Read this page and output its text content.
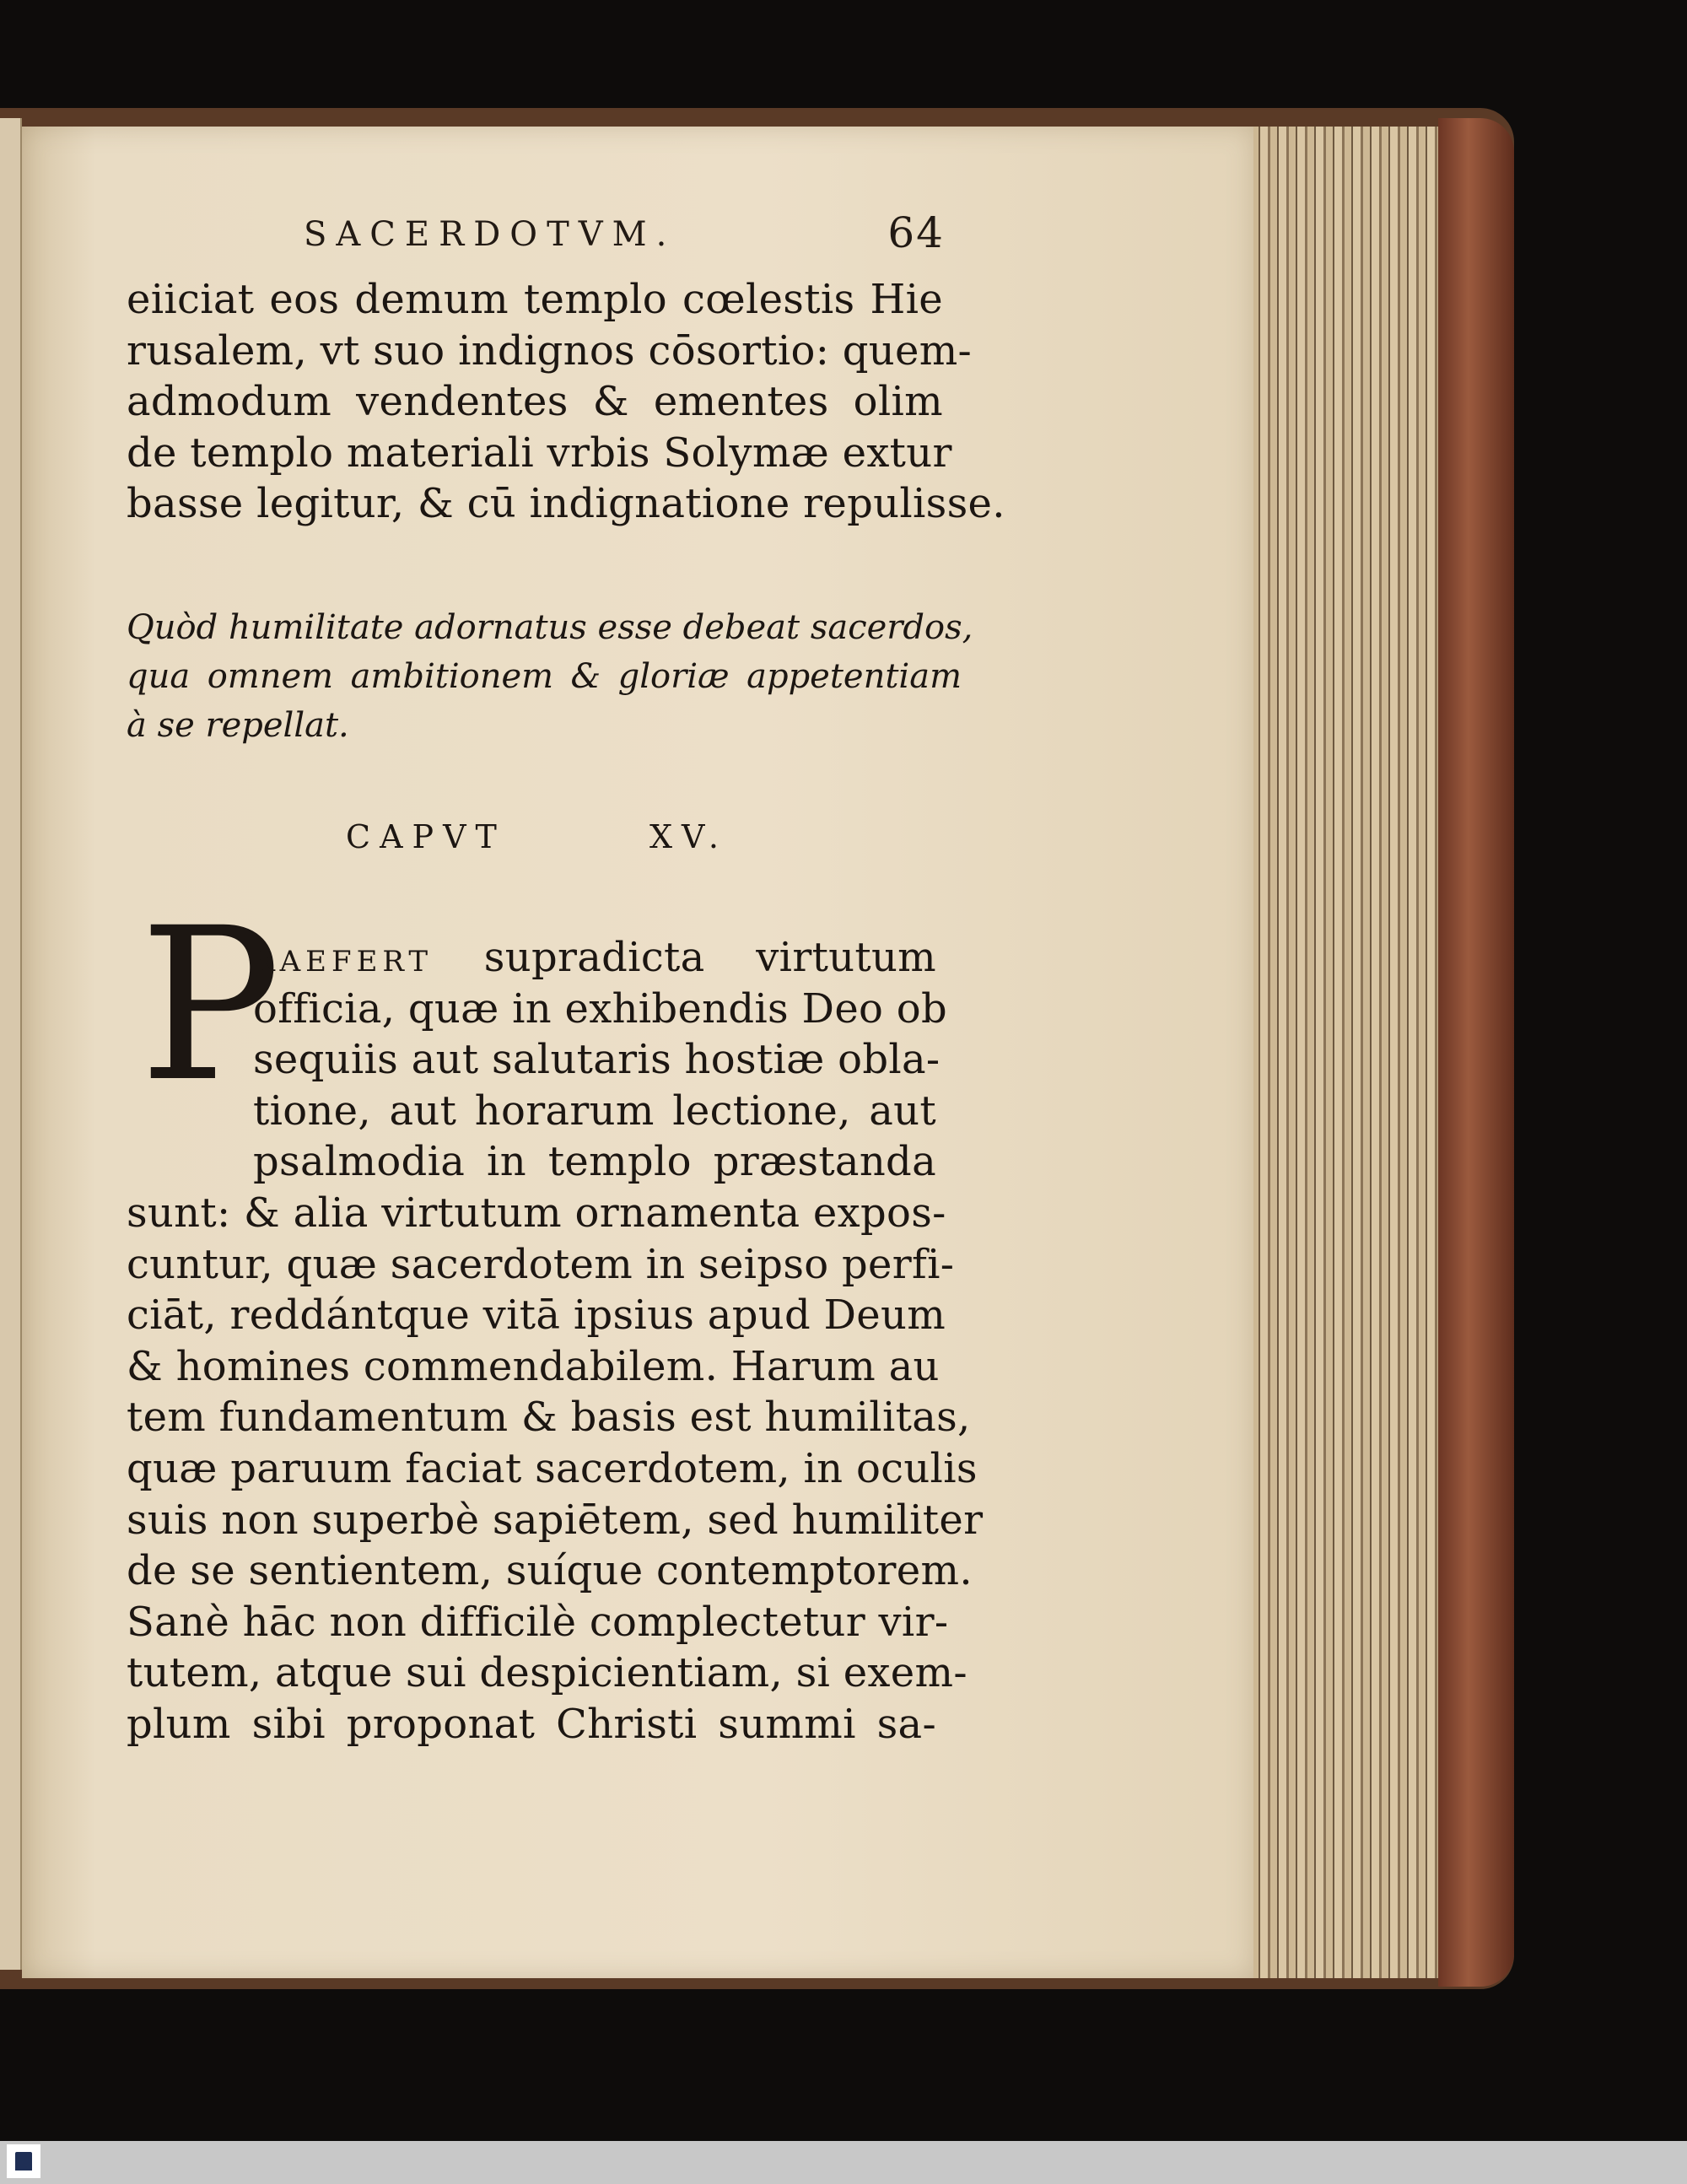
SACERDOTVM.	64
eiiciat eos demum templo cœlestis Hie
rusalem, vt suo indignos cōsortio: quem-
admodum vendentes & ementes olim
de templo materiali vrbis Solymæ extur
basse legitur, & cū indignatione repulisse.
Quòd humilitate adornatus esse debeat sacerdos,
qua omnem ambitionem & gloriæ appetentiam
à se repellat.
CAPVT	XV.
P
RAEFERT supradicta virtutum
officia, quæ in exhibendis Deo ob
sequiis aut salutaris hostiæ oblа-
tione, aut horarum lectione, aut
psalmodia in templo præstanda
sunt: & alia virtutum ornamenta expos-
cuntur, quæ sacerdotem in seipso perfi-
ciāt, reddántque vitā ipsius apud Deum
& homines commendabilem. Harum au
tem fundamentum & basis est humilitas,
quæ paruum faciat sacerdotem, in oculis
suis non superbè sapiētem, sed humiliter
de se sentientem, suíque contemptorem.
Sanè hāc non difficilè complectetur vir-
tutem, atque sui despicientiam, si exem-
plum sibi proponat Christi summi sa-
